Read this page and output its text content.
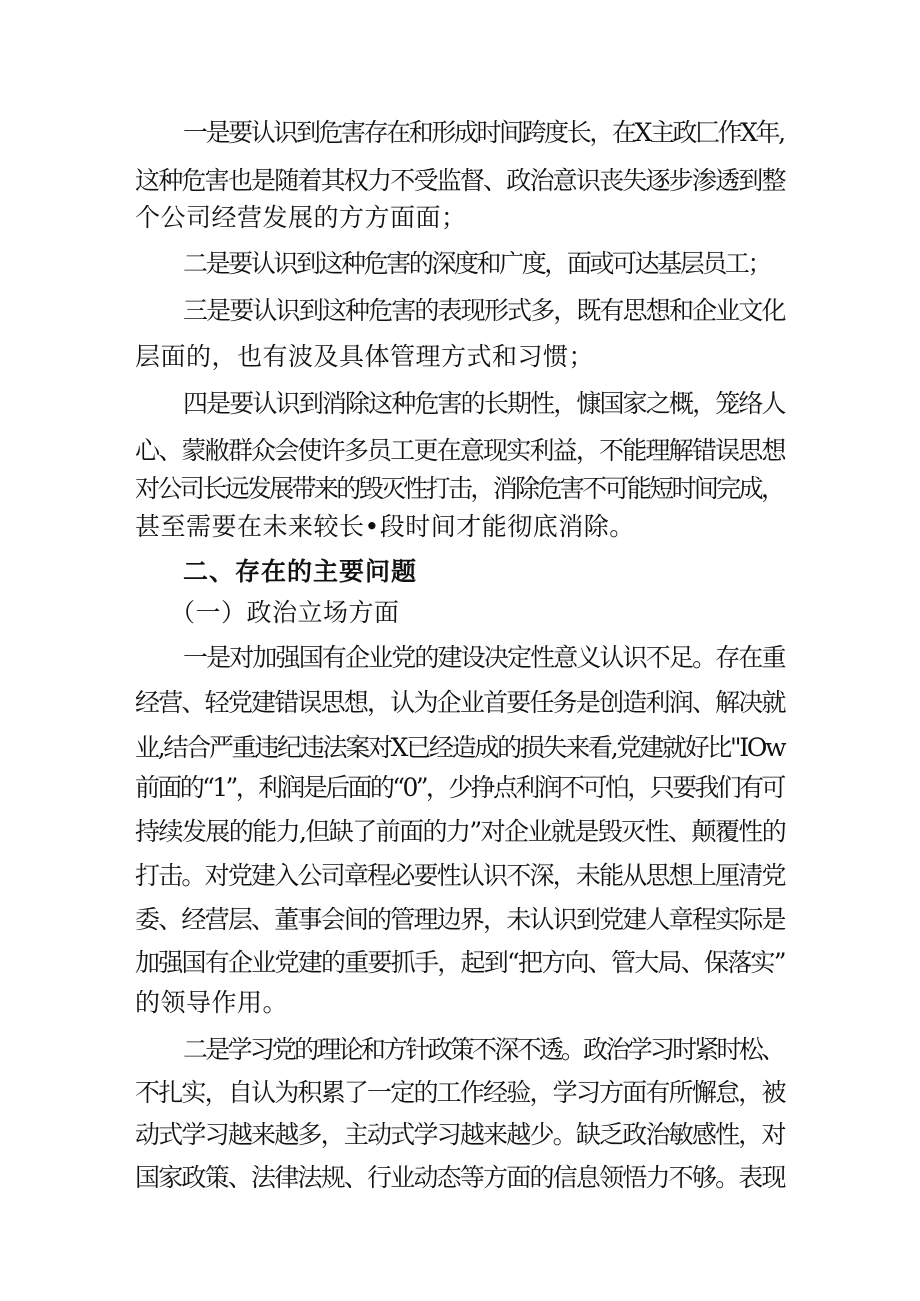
一是要认识到危害存在和形成时间跨度长，在X主政匚作X年,
这种危害也是随着其权力不受监督、政治意识丧失逐步渗透到整
个公司经营发展的方方面面；
二是要认识到这种危害的深度和广度，面或可达基层员工；
三是要认识到这种危害的表现形式多，既有思想和企业文化
层面的，也有波及具体管理方式和习惯；
四是要认识到消除这种危害的长期性，慷国家之概，笼络人
心、蒙敝群众会使许多员工更在意现实利益，不能理解错误思想
对公司长远发展带来的毁灭性打击，消除危害不可能短时间完成，
甚至需要在未来较长•段时间才能彻底消除。
二、存在的主要问题
（一）政治立场方面
一是对加强国有企业党的建设决定性意义认识不足。存在重
经营、轻党建错误思想，认为企业首要任务是创造利润、解决就
业,结合严重违纪违法案对X已经造成的损失来看,党建就好比"IOw
前面的“1”，利润是后面的“0”，少挣点利润不可怕，只要我们有可
持续发展的能力,但缺了前面的力”对企业就是毁灭性、颠覆性的
打击。对党建入公司章程必要性认识不深，未能从思想上厘清党
委、经营层、董事会间的管理边界，未认识到党建人章程实际是
加强国有企业党建的重要抓手，起到“把方向、管大局、保落实”
的领导作用。
二是学习党的理论和方针政策不深不透。政治学习时紧时松、
不扎实，自认为积累了一定的工作经验，学习方面有所懈怠，被
动式学习越来越多，主动式学习越来越少。缺乏政治敏感性，对
国家政策、法律法规、行业动态等方面的信息领悟力不够。表现
